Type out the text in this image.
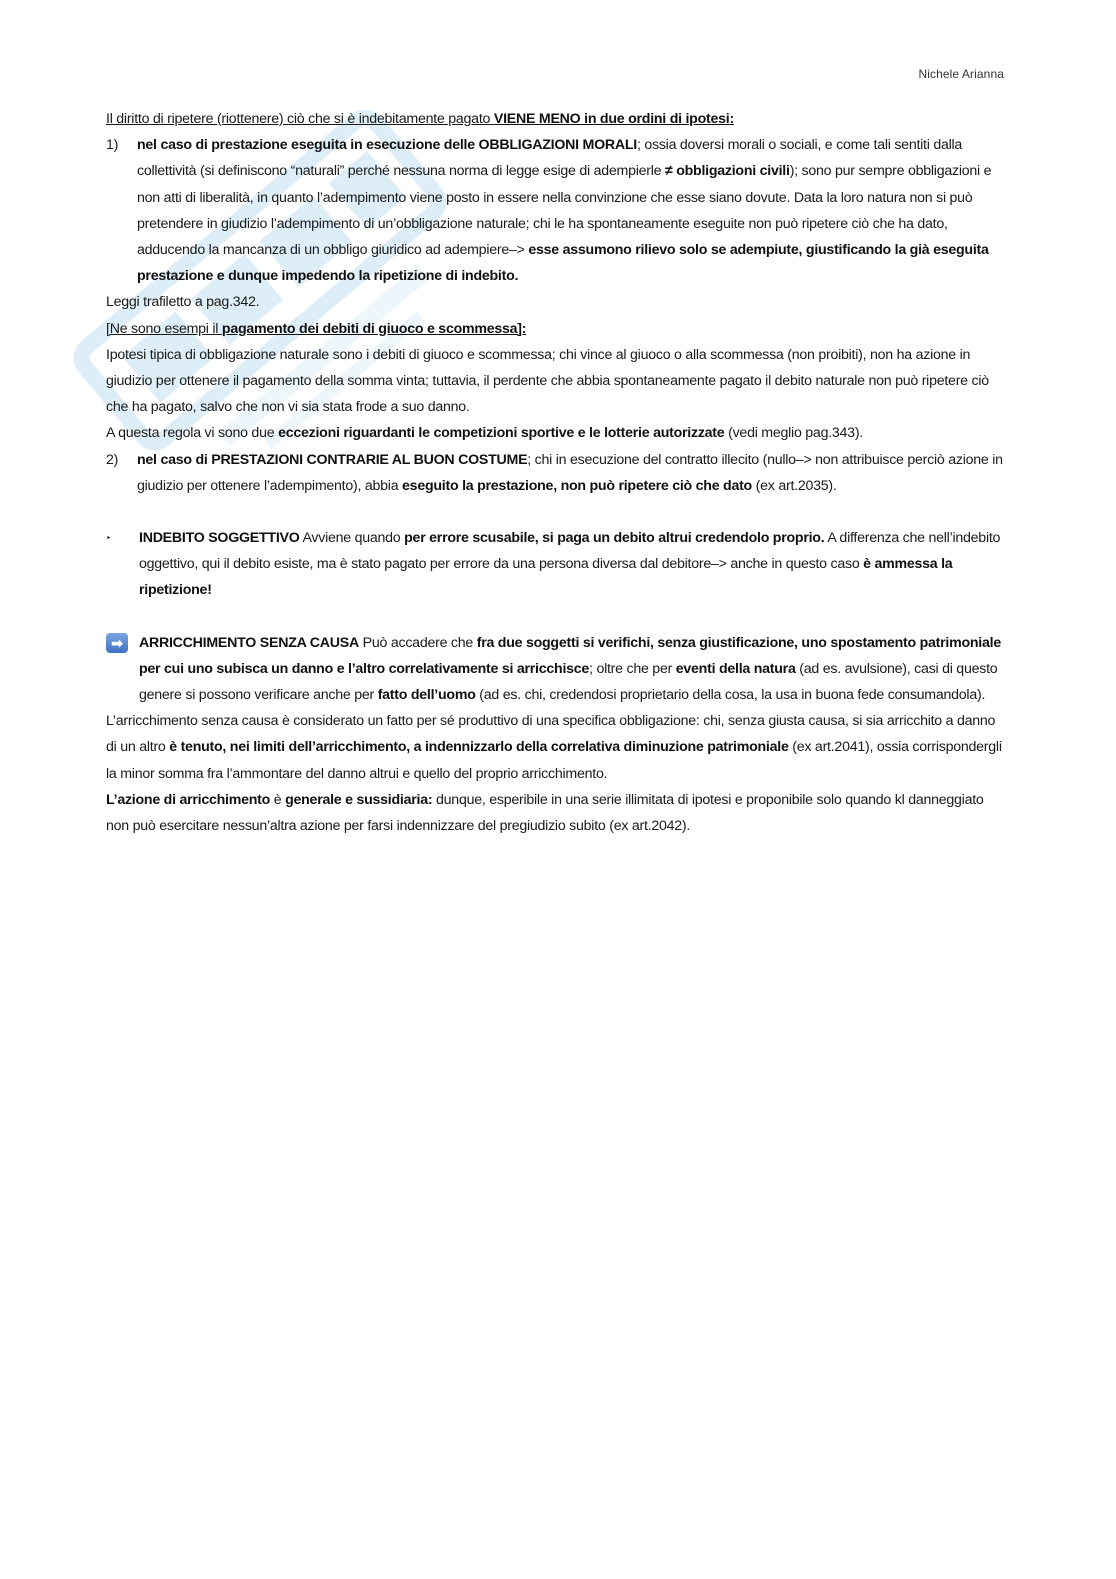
Nichele Arianna

Il diritto di ripetere (riottenere) ciò che si è indebitamente pagato VIENE MENO in due ordini di ipotesi:

1) nel caso di prestazione eseguita in esecuzione delle OBBLIGAZIONI MORALI; ossia doversi morali o sociali, e come tali sentiti dalla collettività (si definiscono “naturali” perché nessuna norma di legge esige di adempierle ≠ obbligazioni civili); sono pur sempre obbligazioni e non atti di liberalità, in quanto l’adempimento viene posto in essere nella convinzione che esse siano dovute. Data la loro natura non si può pretendere in giudizio l’adempimento di un’obbligazione naturale; chi le ha spontaneamente eseguite non può ripetere ciò che ha dato, adducendo la mancanza di un obbligo giuridico ad adempiere–> esse assumono rilievo solo se adempiute, giustificando la già eseguita prestazione e dunque impedendo la ripetizione di indebito.

Leggi trafiletto a pag.342.

[Ne sono esempi il pagamento dei debiti di giuoco e scommessa]:

Ipotesi tipica di obbligazione naturale sono i debiti di giuoco e scommessa; chi vince al giuoco o alla scommessa (non proibiti), non ha azione in giudizio per ottenere il pagamento della somma vinta; tuttavia, il perdente che abbia spontaneamente pagato il debito naturale non può ripetere ciò che ha pagato, salvo che non vi sia stata frode a suo danno.

A questa regola vi sono due eccezioni riguardanti le competizioni sportive e le lotterie autorizzate (vedi meglio pag.343).

2) nel caso di PRESTAZIONI CONTRARIE AL BUON COSTUME; chi in esecuzione del contratto illecito (nullo–> non attribuisce perciò azione in giudizio per ottenere l’adempimento), abbia eseguito la prestazione, non può ripetere ciò che dato (ex art.2035).

‣ INDEBITO SOGGETTIVO Avviene quando per errore scusabile, si paga un debito altrui credendolo proprio. A differenza che nell’indebito oggettivo, qui il debito esiste, ma è stato pagato per errore da una persona diversa dal debitore–> anche in questo caso è ammessa la ripetizione!

➡	ARRICCHIMENTO SENZA CAUSA Può accadere che fra due soggetti si verifichi, senza giustificazione, uno spostamento patrimoniale per cui uno subisca un danno e l’altro correlativamente si arricchisce; oltre che per eventi della natura (ad es. avulsione), casi di questo genere si possono verificare anche per fatto dell’uomo (ad es. chi, credendosi proprietario della cosa, la usa in buona fede consumandola).

L’arricchimento senza causa è considerato un fatto per sé produttivo di una specifica obbligazione: chi, senza giusta causa, si sia arricchito a danno di un altro è tenuto, nei limiti dell’arricchimento, a indennizzarlo della correlativa diminuzione patrimoniale (ex art.2041), ossia corrispondergli la minor somma fra l’ammontare del danno altrui e quello del proprio arricchimento.

L’azione di arricchimento è generale e sussidiaria: dunque, esperibile in una serie illimitata di ipotesi e proponibile solo quando kl danneggiato non può esercitare nessun’altra azione per farsi indennizzare del pregiudizio subito (ex art.2042).
